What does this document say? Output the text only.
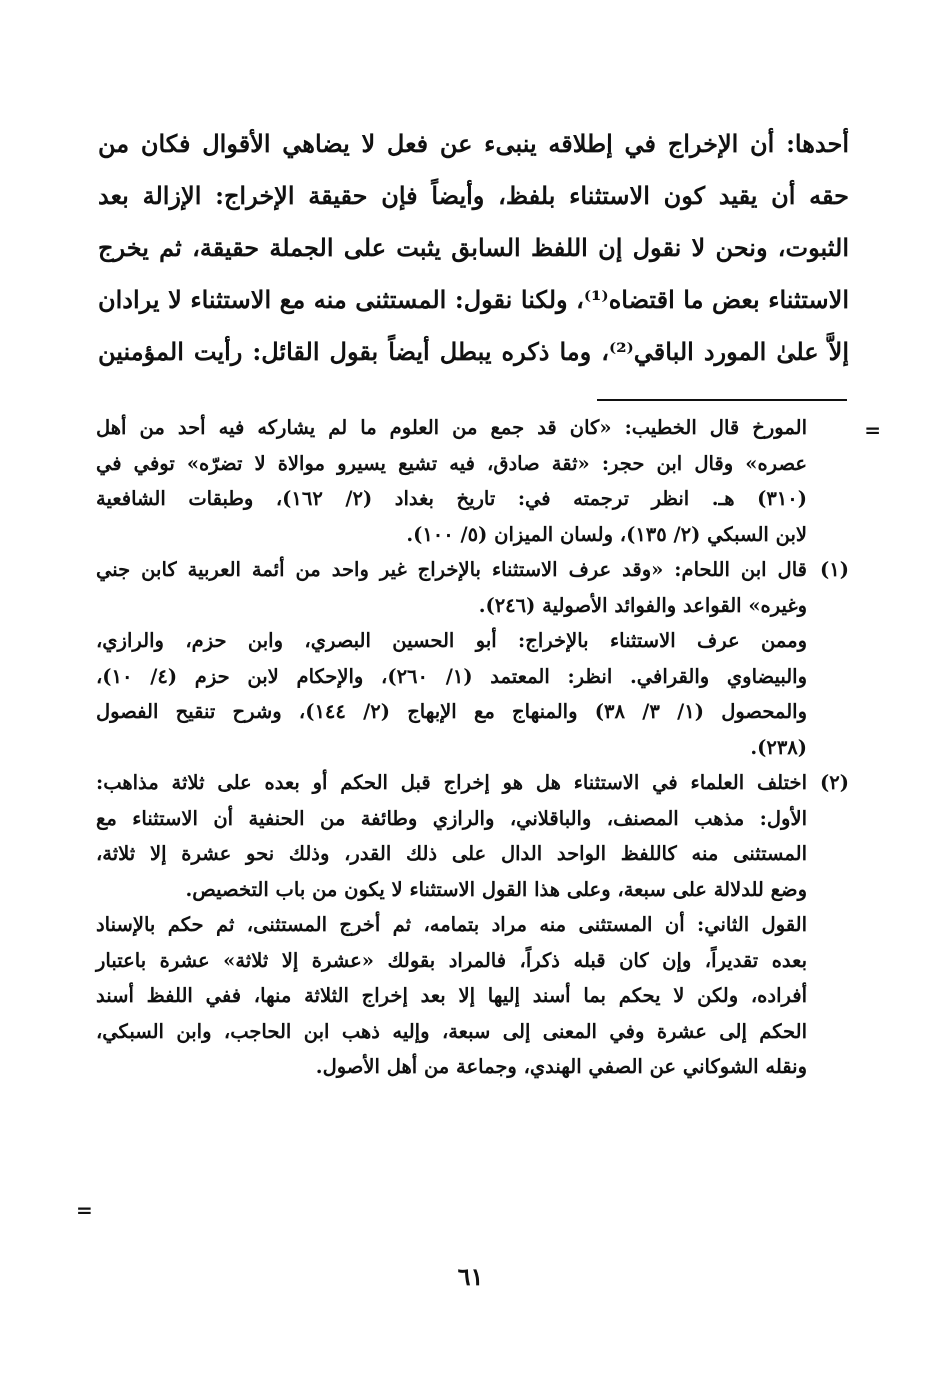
أحدها: أن الإخراج في إطلاقه ينبىء عن فعل لا يضاهي الأقوال فكان من
حقه أن يقيد كون الاستثناء بلفظ، وأيضاً فإن حقيقة الإخراج: الإزالة بعد
الثبوت، ونحن لا نقول إن اللفظ السابق يثبت على الجملة حقيقة، ثم يخرج
الاستثناء بعض ما اقتضاه⁽¹⁾، ولكنا نقول: المستثنى منه مع الاستثناء لا يرادان
إلاَّ علىٰ المورد الباقي⁽²⁾، وما ذكره يبطل أيضاً بقول القائل: رأيت المؤمنين
=
المورخ قال الخطيب: «كان قد جمع من العلوم ما لم يشاركه فيه أحد من أهل
عصره» وقال ابن حجر: «ثقة صادق، فيه تشيع يسيرو موالاة لا تضرّه» توفي في
(٣١٠) هـ. انظر ترجمته في: تاريخ بغداد (٢/ ١٦٢)، وطبقات الشافعية
لابن السبكي (٢/ ١٣٥)، ولسان الميزان (٥/ ١٠٠).
(١)
قال ابن اللحام: «وقد عرف الاستثناء بالإخراج غير واحد من أئمة العربية كابن جني
وغيره» القواعد والفوائد الأصولية (٢٤٦).
وممن عرف الاستثناء بالإخراج: أبو الحسين البصري، وابن حزم، والرازي،
والبيضاوي والقرافي. انظر: المعتمد (١/ ٢٦٠)، والإحكام لابن حزم (٤/ ١٠)،
والمحصول (١/ ٣/ ٣٨) والمنهاج مع الإبهاج (٢/ ١٤٤)، وشرح تنقيح الفصول
(٢٣٨).
(٢)
اختلف العلماء في الاستثناء هل هو إخراج قبل الحكم أو بعده على ثلاثة مذاهب:
الأول: مذهب المصنف، والباقلاني، والرازي وطائفة من الحنفية أن الاستثناء مع
المستثنى منه كاللفظ الواحد الدال على ذلك القدر، وذلك نحو عشرة إلا ثلاثة،
وضع للدلالة على سبعة، وعلى هذا القول الاستثناء لا يكون من باب التخصيص.
القول الثاني: أن المستثنى منه مراد بتمامه، ثم أخرج المستثنى، ثم حكم بالإسناد
بعده تقديراً، وإن كان قبله ذكراً، فالمراد بقولك «عشرة إلا ثلاثة» عشرة باعتبار
أفراده، ولكن لا يحكم بما أسند إليها إلا بعد إخراج الثلاثة منها، ففي اللفظ أسند
الحكم إلى عشرة وفي المعنى إلى سبعة، وإليه ذهب ابن الحاجب، وابن السبكي،
ونقله الشوكاني عن الصفي الهندي، وجماعة من أهل الأصول.
=
٦١
